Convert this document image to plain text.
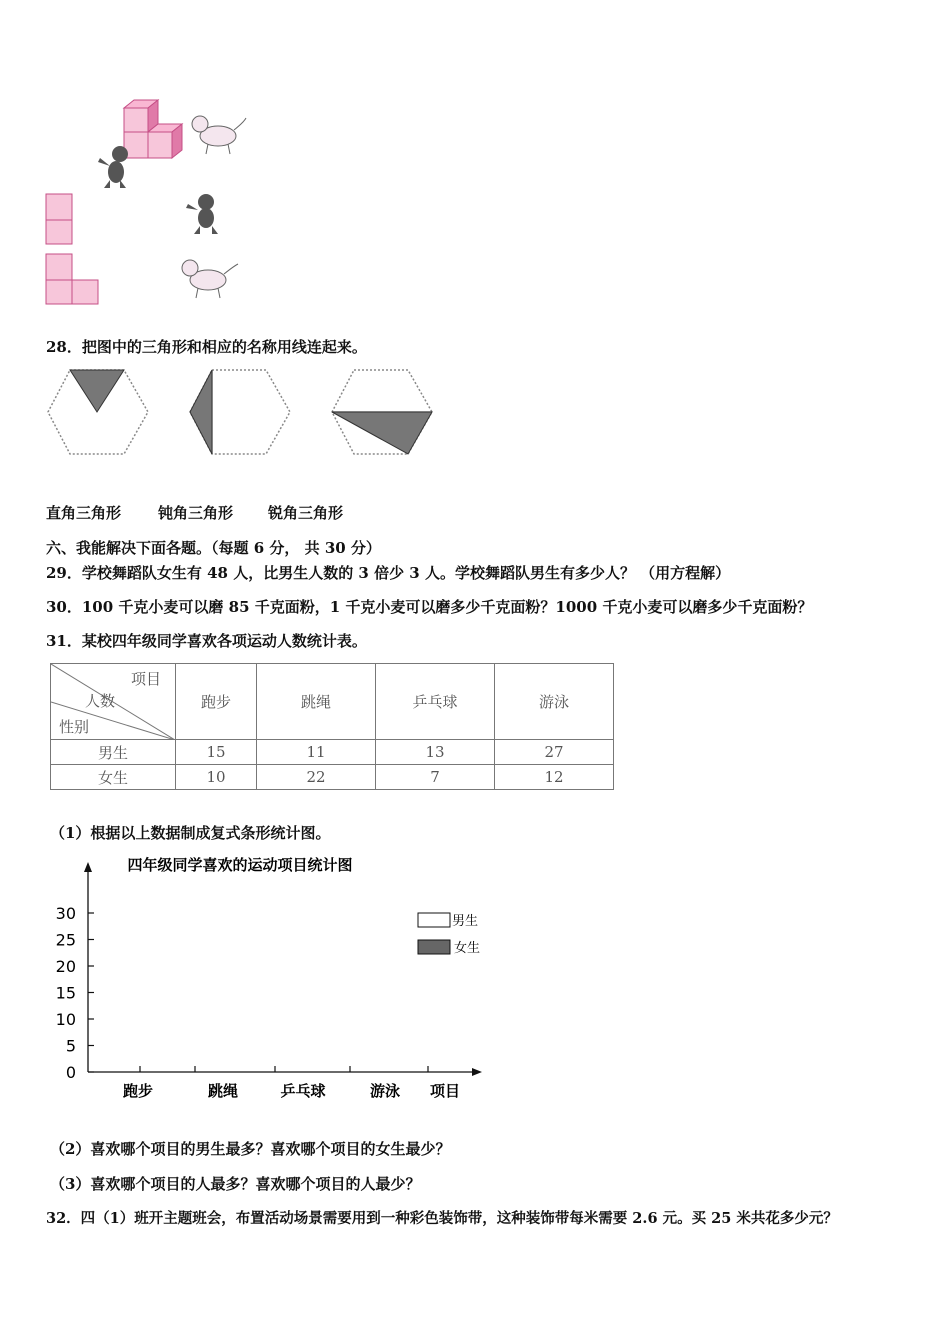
28．把图中的三角形和相应的名称用线连起来。
直角三角形 钝角三角形 锐角三角形
六、我能解决下面各题。（每题 6 分， 共 30 分）
29．学校舞蹈队女生有 48 人，比男生人数的 3 倍少 3 人。学校舞蹈队男生有多少人？ （用方程解）
30．100 千克小麦可以磨 85 千克面粉，1 千克小麦可以磨多少千克面粉？1000 千克小麦可以磨多少千克面粉？
31．某校四年级同学喜欢各项运动人数统计表。
项目
人数
性别	跑步	跳绳	乒乓球	游泳
男生	15	11	13	27
女生	10	22	7	12
（1）根据以上数据制成复式条形统计图。
四年级同学喜欢的运动项目统计图
0
5
10
15
20
25
30
跑步	跳绳	乒乓球	游泳 项目
男生
女生
（2）喜欢哪个项目的男生最多？喜欢哪个项目的女生最少？
（3）喜欢哪个项目的人最多？喜欢哪个项目的人最少？
32．四（1）班开主题班会，布置活动场景需要用到一种彩色装饰带，这种装饰带每米需要 2.6 元。买 25 米共花多少元？
